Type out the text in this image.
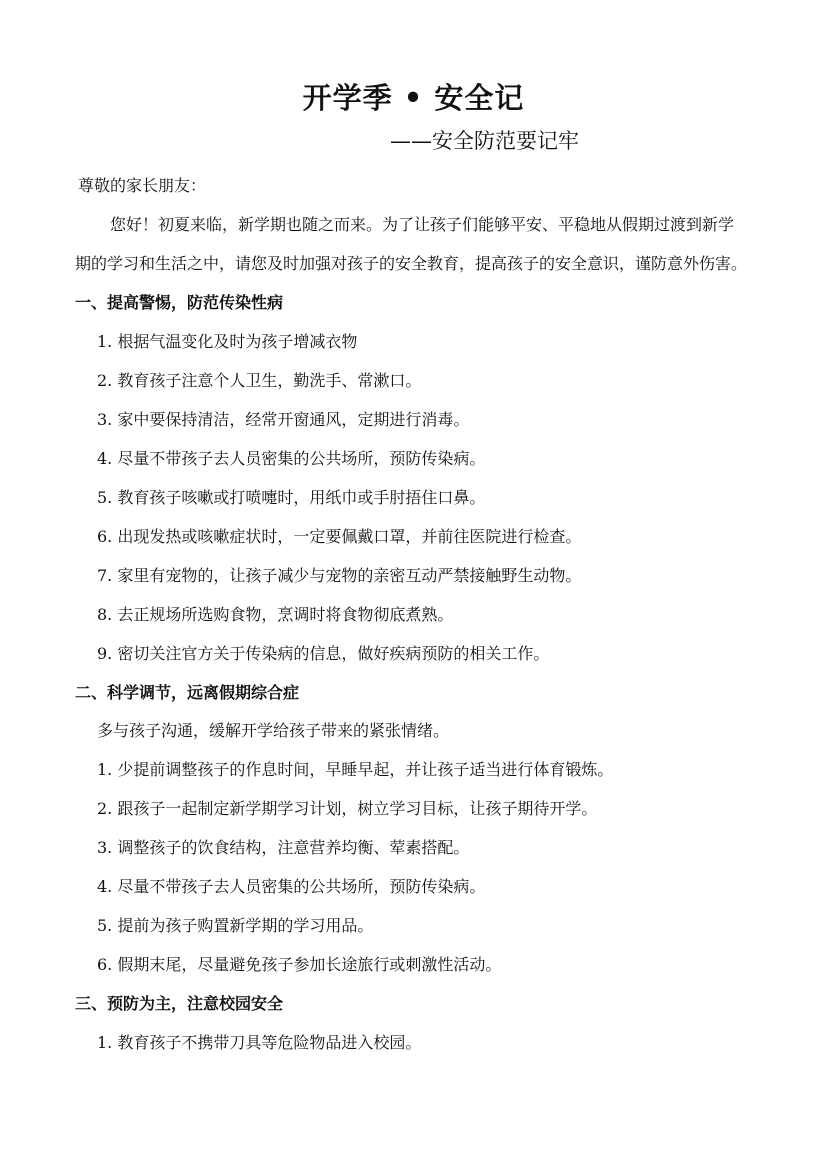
开学季 • 安全记
——安全防范要记牢
尊敬的家长朋友：
您好！初夏来临，新学期也随之而来。为了让孩子们能够平安、平稳地从假期过渡到新学
期的学习和生活之中，请您及时加强对孩子的安全教育，提高孩子的安全意识，谨防意外伤害。
一、提高警惕，防范传染性病
1. 根据气温变化及时为孩子增减衣物
2. 教育孩子注意个人卫生，勤洗手、常漱口。
3. 家中要保持清洁，经常开窗通风，定期进行消毒。
4. 尽量不带孩子去人员密集的公共场所，预防传染病。
5. 教育孩子咳嗽或打喷嚏时，用纸巾或手肘捂住口鼻。
6. 出现发热或咳嗽症状时，一定要佩戴口罩，并前往医院进行检查。
7. 家里有宠物的，让孩子减少与宠物的亲密互动严禁接触野生动物。
8. 去正规场所选购食物，烹调时将食物彻底煮熟。
9. 密切关注官方关于传染病的信息，做好疾病预防的相关工作。
二、科学调节，远离假期综合症
多与孩子沟通，缓解开学给孩子带来的紧张情绪。
1. 少提前调整孩子的作息时间，早睡早起，并让孩子适当进行体育锻炼。
2. 跟孩子一起制定新学期学习计划，树立学习目标，让孩子期待开学。
3. 调整孩子的饮食结构，注意营养均衡、荤素搭配。
4. 尽量不带孩子去人员密集的公共场所，预防传染病。
5. 提前为孩子购置新学期的学习用品。
6. 假期末尾，尽量避免孩子参加长途旅行或刺激性活动。
三、预防为主，注意校园安全
1. 教育孩子不携带刀具等危险物品进入校园。
